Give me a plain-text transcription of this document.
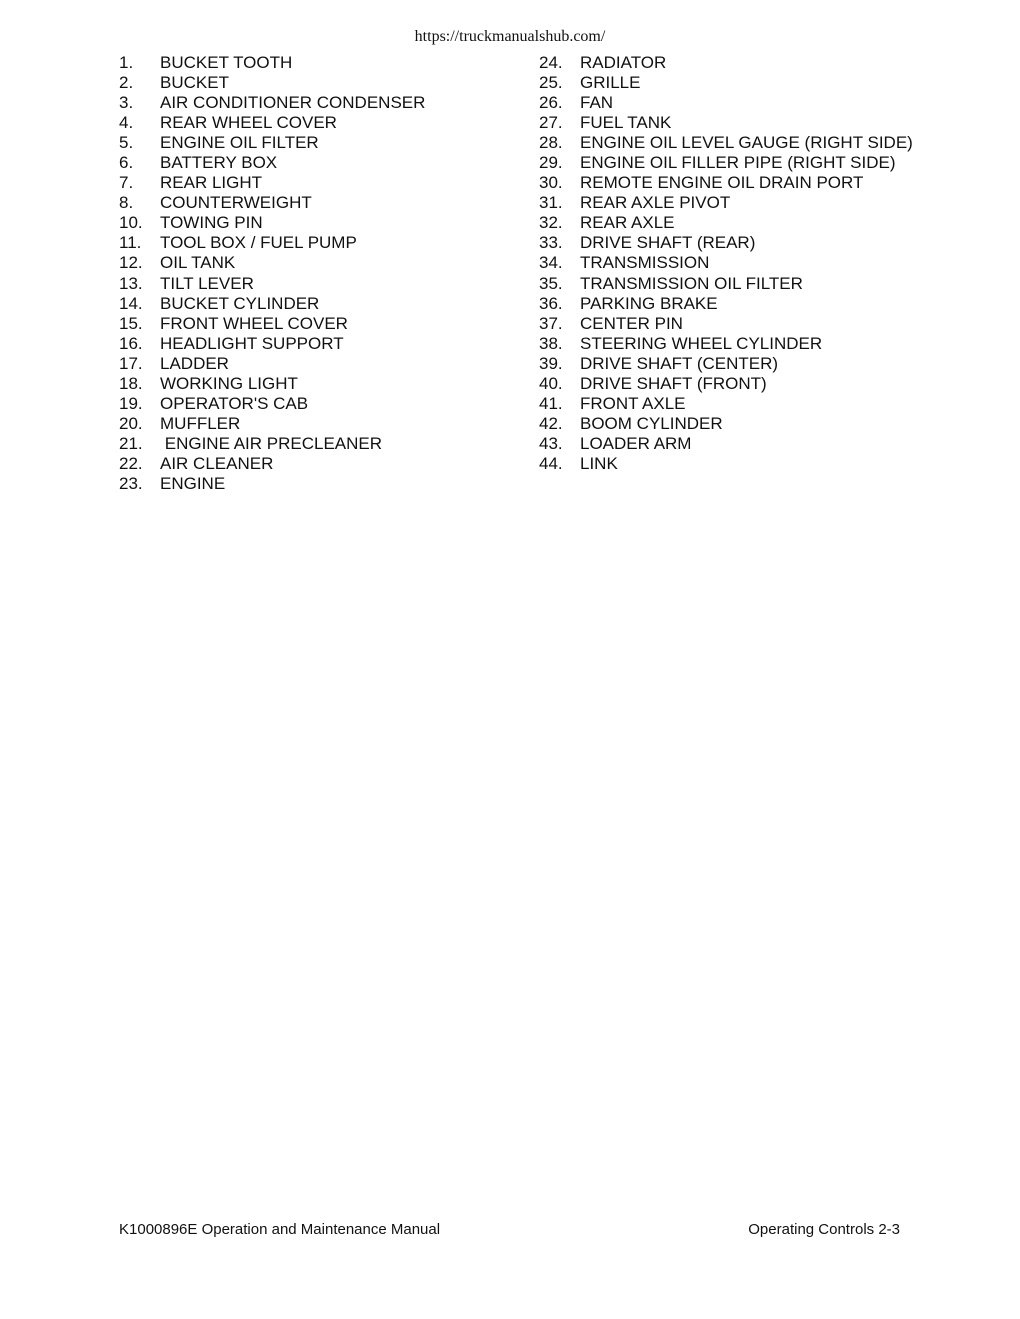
https://truckmanualshub.com/
1.	BUCKET TOOTH
2.	BUCKET
3.	AIR CONDITIONER CONDENSER
4.	REAR WHEEL COVER
5.	ENGINE OIL FILTER
6.	BATTERY BOX
7.	REAR LIGHT
8.	COUNTERWEIGHT
10.	TOWING PIN
11.	TOOL BOX / FUEL PUMP
12.	OIL TANK
13.	TILT LEVER
14.	BUCKET CYLINDER
15.	FRONT WHEEL COVER
16.	HEADLIGHT SUPPORT
17.	LADDER
18.	WORKING LIGHT
19.	OPERATOR'S CAB
20.	MUFFLER
21.	ENGINE AIR PRECLEANER
22.	AIR CLEANER
23.	ENGINE
24.	RADIATOR
25.	GRILLE
26.	FAN
27.	FUEL TANK
28.	ENGINE OIL LEVEL GAUGE (RIGHT SIDE)
29.	ENGINE OIL FILLER PIPE (RIGHT SIDE)
30.	REMOTE ENGINE OIL DRAIN PORT
31.	REAR AXLE PIVOT
32.	REAR AXLE
33.	DRIVE SHAFT (REAR)
34.	TRANSMISSION
35.	TRANSMISSION OIL FILTER
36.	PARKING BRAKE
37.	CENTER PIN
38.	STEERING WHEEL CYLINDER
39.	DRIVE SHAFT (CENTER)
40.	DRIVE SHAFT (FRONT)
41.	FRONT AXLE
42.	BOOM CYLINDER
43.	LOADER ARM
44.	LINK
K1000896E Operation and Maintenance Manual	Operating Controls 2-3
